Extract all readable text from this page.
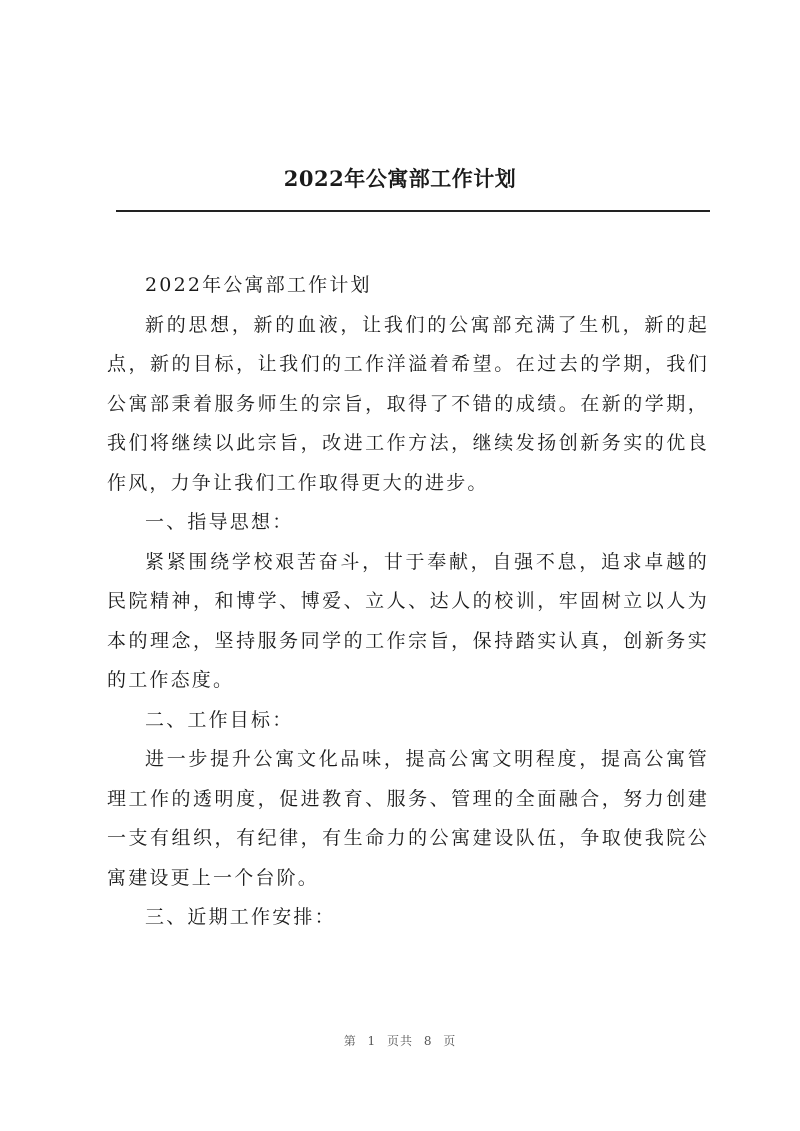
2022年公寓部工作计划

2022年公寓部工作计划

新的思想，新的血液，让我们的公寓部充满了生机，新的起点，新的目标，让我们的工作洋溢着希望。在过去的学期，我们公寓部秉着服务师生的宗旨，取得了不错的成绩。在新的学期，我们将继续以此宗旨，改进工作方法，继续发扬创新务实的优良作风，力争让我们工作取得更大的进步。

一、指导思想：

紧紧围绕学校艰苦奋斗，甘于奉献，自强不息，追求卓越的民院精神，和博学、博爱、立人、达人的校训，牢固树立以人为本的理念，坚持服务同学的工作宗旨，保持踏实认真，创新务实的工作态度。

二、工作目标：

进一步提升公寓文化品味，提高公寓文明程度，提高公寓管理工作的透明度，促进教育、服务、管理的全面融合，努力创建一支有组织，有纪律，有生命力的公寓建设队伍，争取使我院公寓建设更上一个台阶。

三、近期工作安排：

第 1 页共 8 页
